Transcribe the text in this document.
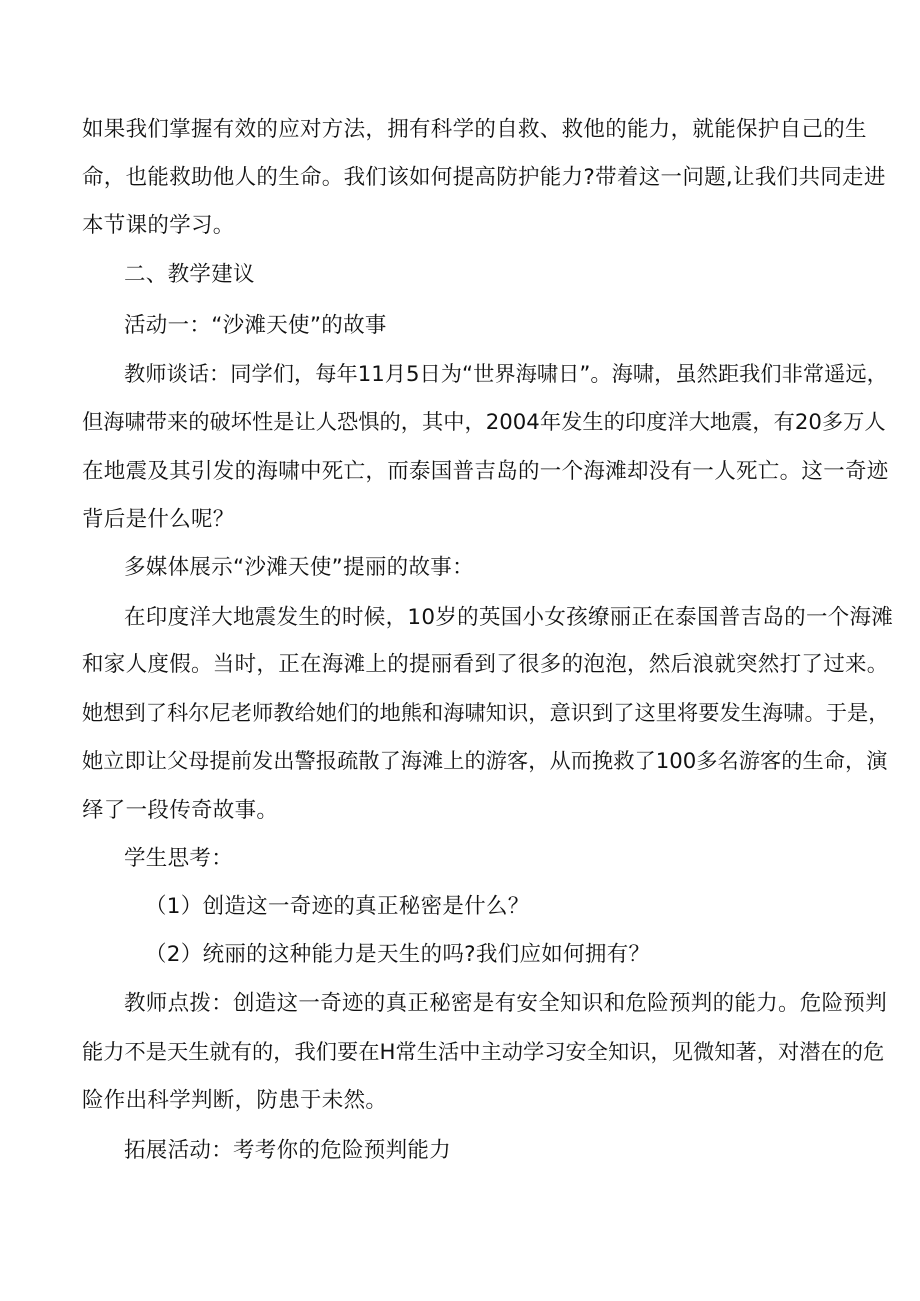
如果我们掌握有效的应对方法，拥有科学的自救、救他的能力，就能保护自己的生
命，也能救助他人的生命。我们该如何提高防护能力?带着这一问题,让我们共同走进
本节课的学习。
二、教学建议
活动一：“沙滩天使”的故事
教师谈话：同学们，每年11月5日为“世界海啸日”。海啸，虽然距我们非常遥远，
但海啸带来的破坏性是让人恐惧的，其中，2004年发生的印度洋大地震，有20多万人
在地震及其引发的海啸中死亡，而泰国普吉岛的一个海滩却没有一人死亡。这一奇迹
背后是什么呢？
多媒体展示“沙滩天使”提丽的故事：
在印度洋大地震发生的时候，10岁的英国小女孩缭丽正在泰国普吉岛的一个海滩
和家人度假。当时，正在海滩上的提丽看到了很多的泡泡，然后浪就突然打了过来。
她想到了科尔尼老师教给她们的地熊和海啸知识，意识到了这里将要发生海啸。于是，
她立即让父母提前发出警报疏散了海滩上的游客，从而挽救了100多名游客的生命，演
绎了一段传奇故事。
学生思考：
（1）创造这一奇迹的真正秘密是什么？
（2）统丽的这种能力是天生的吗?我们应如何拥有？
教师点拨：创造这一奇迹的真正秘密是有安全知识和危险预判的能力。危险预判
能力不是天生就有的，我们要在H常生活中主动学习安全知识，见微知著，对潜在的危
险作出科学判断，防患于未然。
拓展活动：考考你的危险预判能力
